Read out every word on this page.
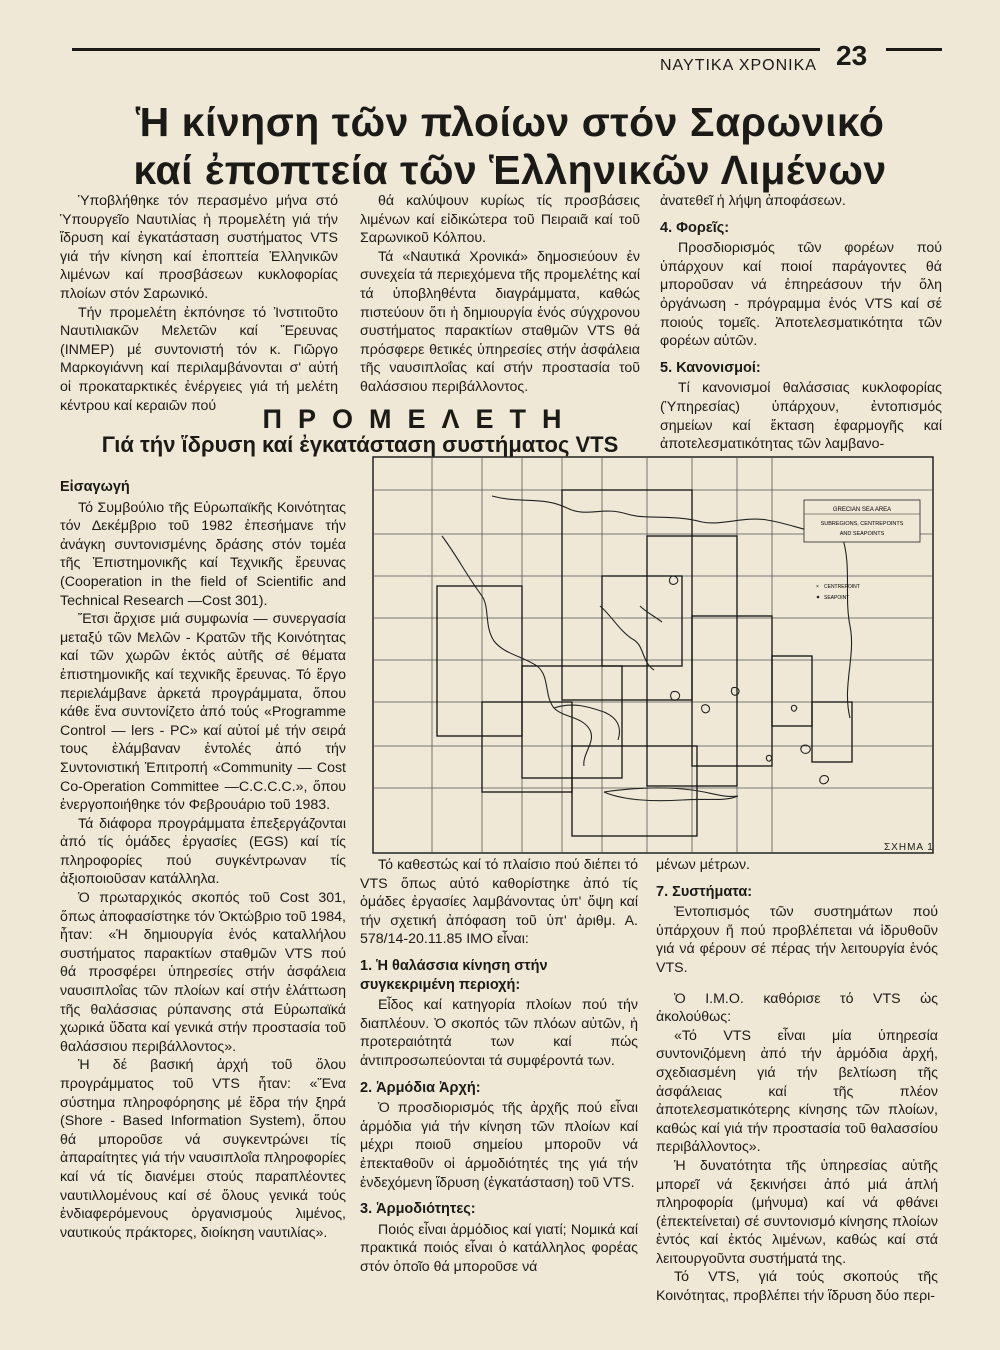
ΝΑΥΤΙΚΑ ΧΡΟΝΙΚΑ 23
Ἡ κίνηση τῶν πλοίων στόν Σαρωνικό
καί ἐποπτεία τῶν Ἑλληνικῶν Λιμένων

Ὑποβλήθηκε τόν περασμένο μήνα στό Ὑπουργεῖο Ναυτιλίας ἡ προμελέτη γιά τήν ἵδρυση καί ἐγκατάσταση συστήματος VTS γιά τήν κίνηση καί ἐποπτεία Ἑλληνικῶν λιμένων καί προσβάσεων κυκλοφορίας πλοίων στόν Σαρωνικό.

Τήν προμελέτη ἐκπόνησε τό Ἰνστιτοῦτο Ναυτιλιακῶν Μελετῶν καί Ἔρευνας (INMEP) μέ συντονιστή τόν κ. Γιῶργο Μαρκογιάννη καί περιλαμβάνονται σ' αὐτή οἱ προκαταρκτικές ἐνέργειες γιά τή μελέτη κέντρου καί κεραιῶν πού

θά καλύψουν κυρίως τίς προσβάσεις λιμένων καί εἰδικώτερα τοῦ Πειραιᾶ καί τοῦ Σαρωνικοῦ Κόλπου.

Τά «Ναυτικά Χρονικά» δημοσιεύουν ἐν συνεχεία τά περιεχόμενα τῆς προμελέτης καί τά ὑποβληθέντα διαγράμματα, καθώς πιστεύουν ὅτι ἡ δημιουργία ἑνός σύγχρονου συστήματος παρακτίων σταθμῶν VTS θά πρόσφερε θετικές ὑπηρεσίες στήν ἀσφάλεια τῆς ναυσιπλοΐας καί στήν προστασία τοῦ θαλάσσιου περιβάλλοντος.

ἀνατεθεῖ ἡ λήψη ἀποφάσεων.

4. Φορεῖς:

Προσδιορισμός τῶν φορέων πού ὑπάρχουν καί ποιοί παράγοντες θά μποροῦσαν νά ἐπηρεάσουν τήν ὅλη ὀργάνωση - πρόγραμμα ἑνός VTS καί σέ ποιούς τομεῖς. Ἀποτελεσματικότητα τῶν φορέων αὐτῶν.

5. Κανονισμοί:

Τί κανονισμοί θαλάσσιας κυκλοφορίας (Ὑπηρεσίας) ὑπάρχουν, ἐντοπισμός σημείων καί ἔκταση ἐφαρμογῆς καί ἀποτελεσματικότητας τῶν λαμβανο-

ΠΡΟΜΕΛΕΤΗ
Γιά τήν ἵδρυση καί ἐγκατάσταση συστήματος VTS
GRECIAN SEA AREA
SUBREGIONS, CENTREPOINTS
AND SEAPOINTS
× CENTREPOINT
SEAPOINT
ΣΧΗΜΑ 1
Εἰσαγωγή

Τό Συμβούλιο τῆς Εὐρωπαϊκῆς Κοινότητας τόν Δεκέμβριο τοῦ 1982 ἐπεσήμανε τήν ἀνάγκη συντονισμένης δράσης στόν τομέα τῆς Ἐπιστημονικῆς καί Τεχνικῆς ἔρευνας (Cooperation in the field of Scientific and Technical Research —Cost 301).

Ἔτσι ἄρχισε μιά συμφωνία — συνεργασία μεταξύ τῶν Μελῶν - Κρατῶν τῆς Κοινότητας καί τῶν χωρῶν ἐκτός αὐτῆς σέ θέματα ἐπιστημονικῆς καί τεχνικῆς ἔρευνας. Τό ἔργο περιελάμβανε ἀρκετά προγράμματα, ὅπου κάθε ἕνα συντονίζετο ἀπό τούς «Programme Control — lers - PC» καί αὐτοί μέ τήν σειρά τους ἐλάμβαναν ἐντολές ἀπό τήν Συντονιστική Ἐπιτροπή «Community — Cost Co-Operation Committee —C.C.C.C.», ὅπου ἐνεργοποιήθηκε τόν Φεβρουάριο τοῦ 1983.

Τά διάφορα προγράμματα ἐπεξεργάζονται ἀπό τίς ὁμάδες ἐργασίες (EGS) καί τίς πληροφορίες πού συγκέντρωναν τίς ἀξιοποιοῦσαν κατάλληλα.

Ὁ πρωταρχικός σκοπός τοῦ Cost 301, ὅπως ἀποφασίστηκε τόν Ὀκτώβριο τοῦ 1984, ἦταν: «Ἡ δημιουργία ἑνός καταλλήλου συστήματος παρακτίων σταθμῶν VTS πού θά προσφέρει ὑπηρεσίες στήν ἀσφάλεια ναυσιπλοΐας τῶν πλοίων καί στήν ἐλάττωση τῆς θαλάσσιας ρύπανσης στά Εὐρωπαϊκά χωρικά ὕδατα καί γενικά στήν προστασία τοῦ θαλάσσιου περιβάλλοντος».

Ἡ δέ βασική ἀρχή τοῦ ὅλου προγράμματος τοῦ VTS ἦταν: «Ἕνα σύστημα πληροφόρησης μέ ἕδρα τήν ξηρά (Shore - Based Information System), ὅπου θά μποροῦσε νά συγκεντρώνει τίς ἀπαραίτητες γιά τήν ναυσιπλοΐα πληροφορίες καί νά τίς διανέμει στούς παραπλέοντες ναυτιλλομένους καί σέ ὅλους γενικά τούς ἐνδιαφερόμενους ὀργανισμούς λιμένος, ναυτικούς πράκτορες, διοίκηση ναυτιλίας».

Τό καθεστώς καί τό πλαίσιο πού διέπει τό VTS ὅπως αὐτό καθορίστηκε ἀπό τίς ὁμάδες ἐργασίες λαμβάνοντας ὑπ' ὄψη καί τήν σχετική ἀπόφαση τοῦ ὑπ' ἀριθμ. Α. 578/14-20.11.85 IMO εἶναι:

1. Ἡ θαλάσσια κίνηση στήν συγκεκριμένη περιοχή:

Εἶδος καί κατηγορία πλοίων πού τήν διαπλέουν. Ὁ σκοπός τῶν πλόων αὐτῶν, ἡ προτεραιότητά των καί πώς ἀντιπροσωπεύονται τά συμφέροντά των.

2. Ἁρμόδια Ἀρχή:

Ὁ προσδιορισμός τῆς ἀρχῆς πού εἶναι ἁρμόδια γιά τήν κίνηση τῶν πλοίων καί μέχρι ποιοῦ σημείου μποροῦν νά ἐπεκταθοῦν οἱ ἁρμοδιότητές της γιά τήν ἐνδεχόμενη ἵδρυση (ἐγκατάσταση) τοῦ VTS.

3. Ἁρμοδιότητες:

Ποιός εἶναι ἁρμόδιος καί γιατί; Νομικά καί πρακτικά ποιός εἶναι ὁ κατάλληλος φορέας στόν ὁποῖο θά μποροῦσε νά

μένων μέτρων.

7. Συστήματα:

Ἐντοπισμός τῶν συστημάτων πού ὑπάρχουν ἤ πού προβλέπεται νά ἱδρυθοῦν γιά νά φέρουν σέ πέρας τήν λειτουργία ἑνός VTS.

Ὁ Ι.Μ.Ο. καθόρισε τό VTS ὡς ἀκολούθως:

«Τό VTS εἶναι μία ὑπηρεσία συντονιζόμενη ἀπό τήν ἁρμόδια ἀρχή, σχεδιασμένη γιά τήν βελτίωση τῆς ἀσφάλειας καί τῆς πλέον ἀποτελεσματικότερης κίνησης τῶν πλοίων, καθώς καί γιά τήν προστασία τοῦ θαλασσίου περιβάλλοντος».

Ἡ δυνατότητα τῆς ὑπηρεσίας αὐτῆς μπορεῖ νά ξεκινήσει ἀπό μιά ἁπλή πληροφορία (μήνυμα) καί νά φθάνει (ἐπεκτείνεται) σέ συντονισμό κίνησης πλοίων ἐντός καί ἐκτός λιμένων, καθώς καί στά λειτουργοῦντα συστήματά της.

Τό VTS, γιά τούς σκοπούς τῆς Κοινότητας, προβλέπει τήν ἵδρυση δύο περι-
